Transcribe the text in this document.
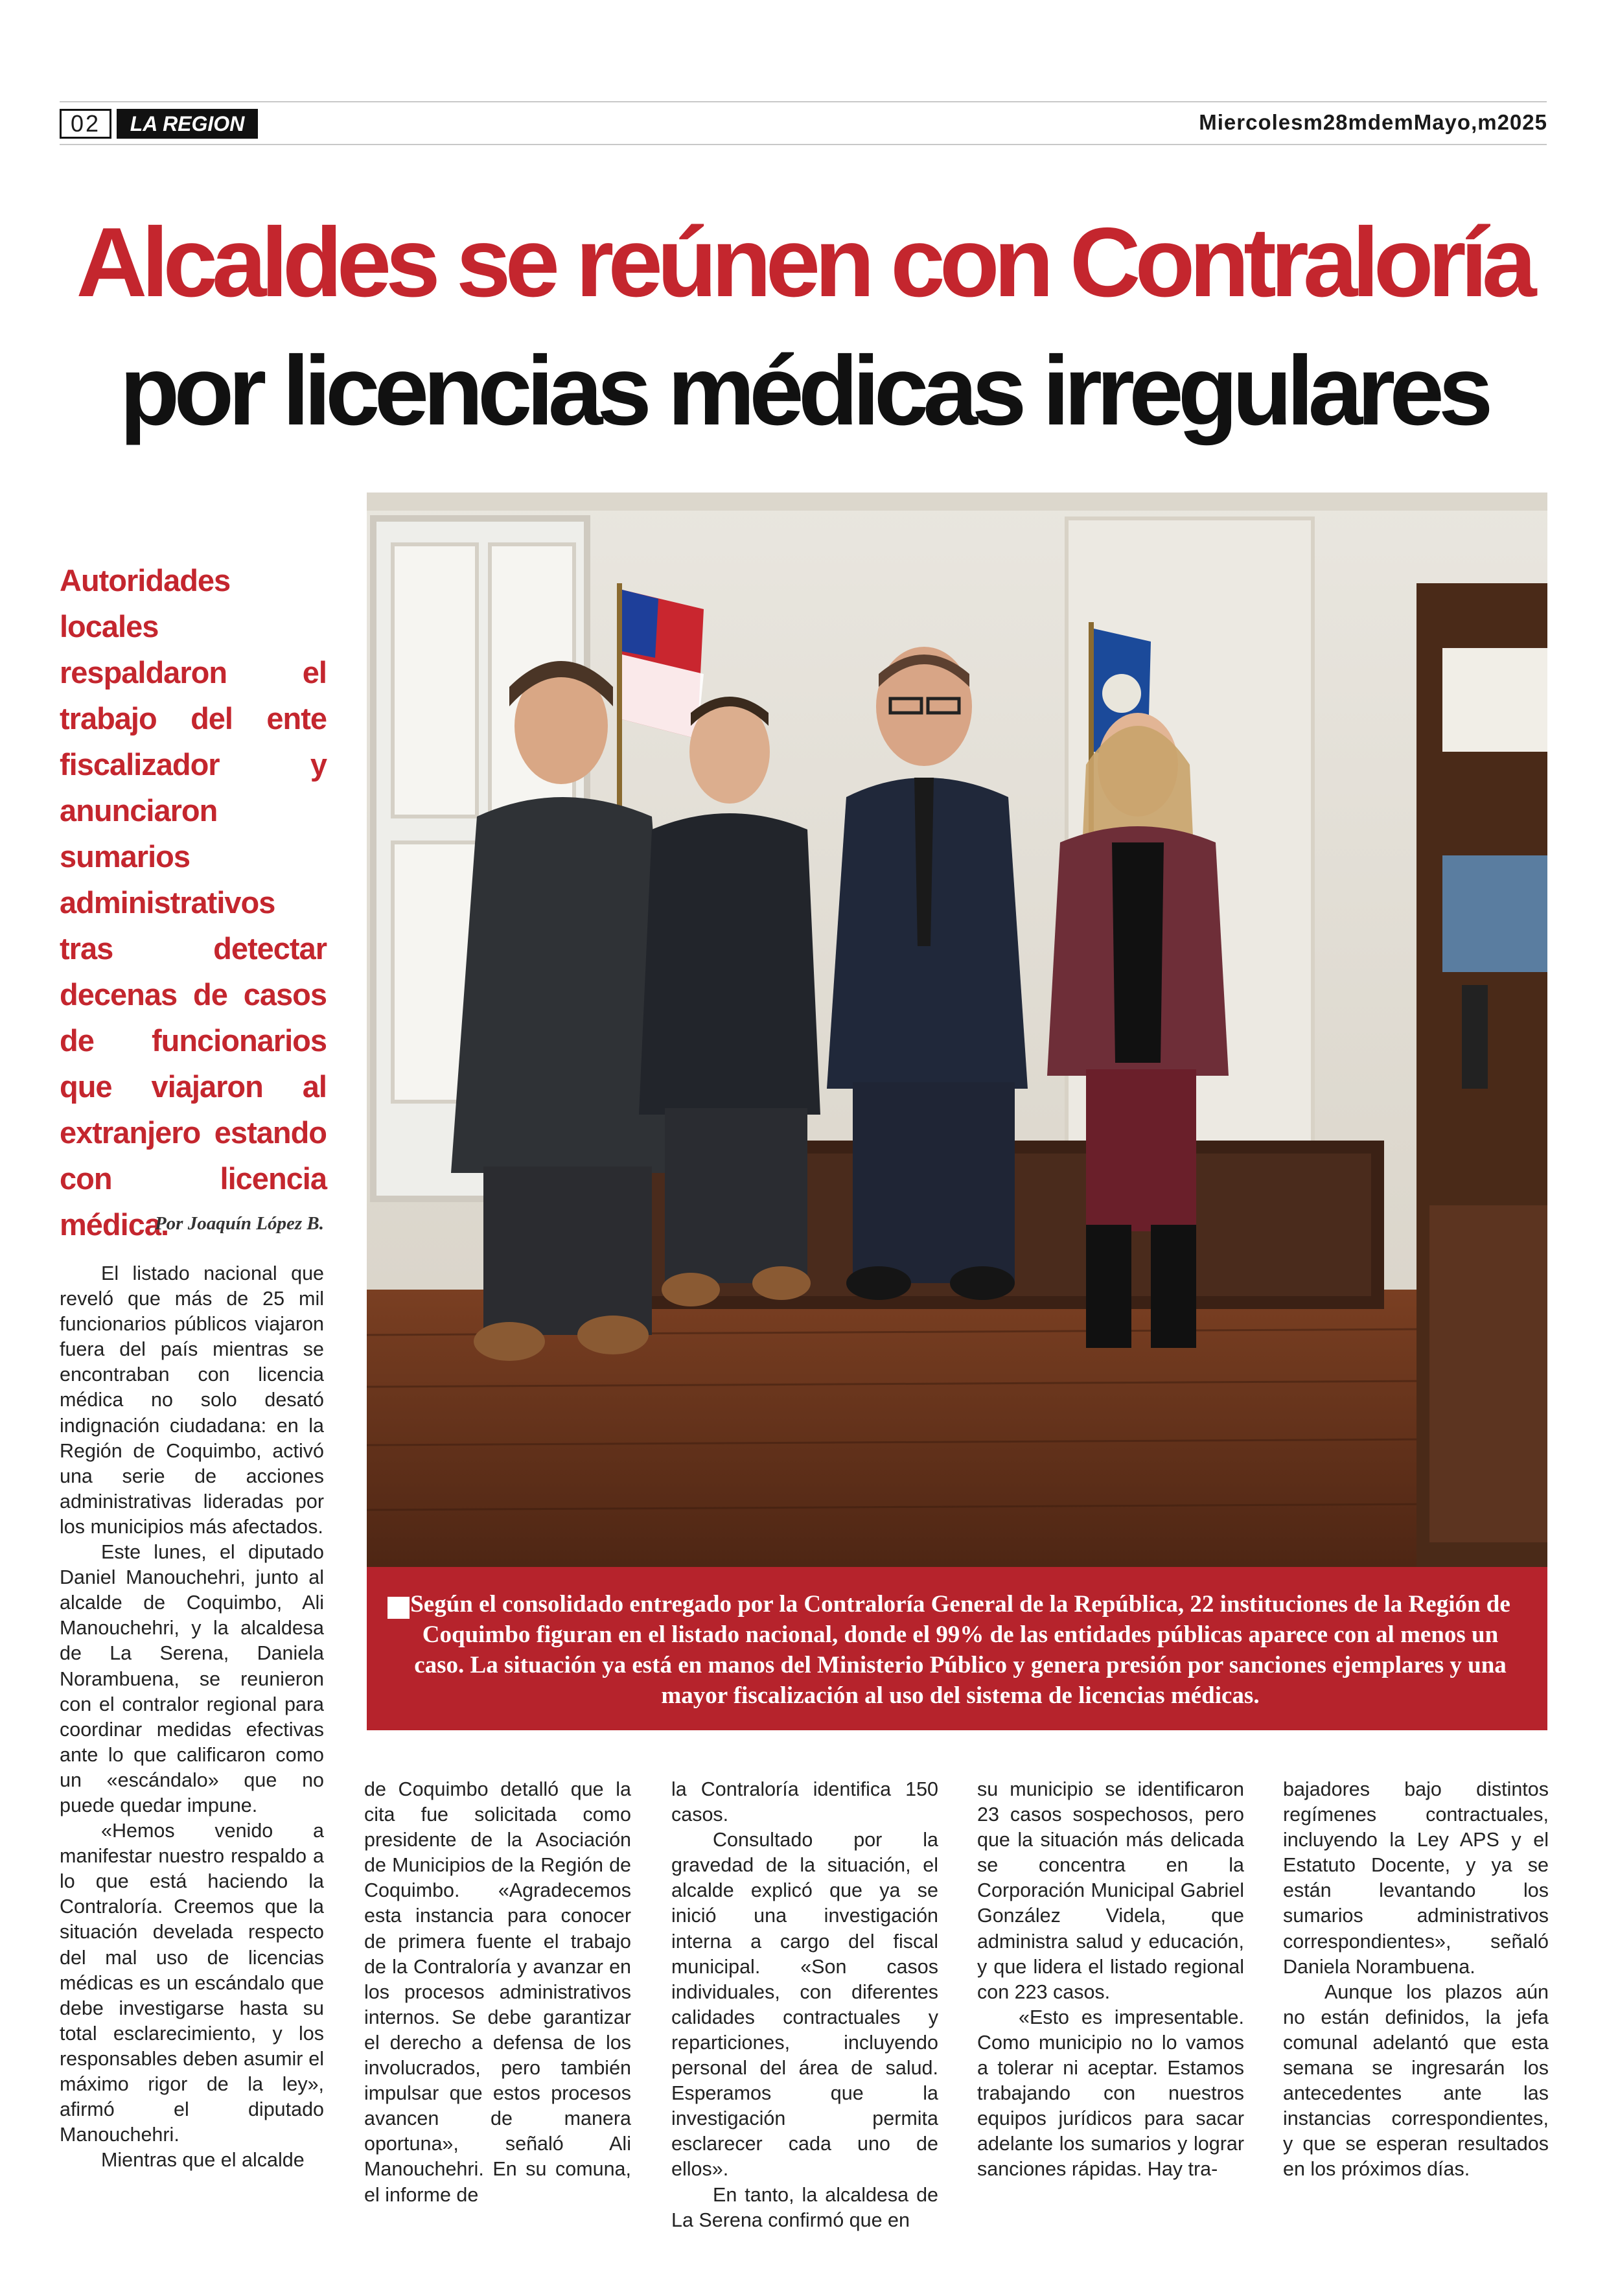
02	LA REGION	Miercolesm28mdemMayo,m2025
Alcaldes se reúnen con Contraloría
por licencias médicas irregulares
Autoridades locales respaldaron el trabajo del ente fiscalizador y anunciaron sumarios administrativos tras detectar decenas de casos de funcionarios que viajaron al extranjero estando con licencia médica.
Por Joaquín López B.
Según el consolidado entregado por la Contraloría General de la República, 22 instituciones de la Región de Coquimbo figuran en el listado nacional, donde el 99% de las entidades públicas aparece con al menos un caso. La situación ya está en manos del Ministerio Público y genera presión por sanciones ejemplares y una mayor fiscalización al uso del sistema de licencias médicas.

El listado nacional que reveló que más de 25 mil funcionarios públicos viajaron fuera del país mientras se encontraban con licencia médica no solo desató indignación ciudadana: en la Región de Coquimbo, activó una serie de acciones administrativas lideradas por los municipios más afectados.

Este lunes, el diputado Daniel Manouchehri, junto al alcalde de Coquimbo, Ali Manouchehri, y la alcaldesa de La Serena, Daniela Norambuena, se reunieron con el contralor regional para coordinar medidas efectivas ante lo que calificaron como un «escándalo» que no puede quedar impune.

«Hemos venido a manifestar nuestro respaldo a lo que está haciendo la Contraloría. Creemos que la situación develada respecto del mal uso de licencias médicas es un escándalo que debe investigarse hasta su total esclarecimiento, y los responsables deben asumir el máximo rigor de la ley», afirmó el diputado Manouchehri.

Mientras que el alcalde

de Coquimbo detalló que la cita fue solicitada como presidente de la Asociación de Municipios de la Región de Coquimbo. «Agradecemos esta instancia para conocer de primera fuente el trabajo de la Contraloría y avanzar en los procesos administrativos internos. Se debe garantizar el derecho a defensa de los involucrados, pero también impulsar que estos procesos avancen de manera oportuna», señaló Ali Manouchehri. En su comuna, el informe de

la Contraloría identifica 150 casos.

Consultado por la gravedad de la situación, el alcalde explicó que ya se inició una investigación interna a cargo del fiscal municipal. «Son casos individuales, con diferentes calidades contractuales y reparticiones, incluyendo personal del área de salud. Esperamos que la investigación permita esclarecer cada uno de ellos».

En tanto, la alcaldesa de La Serena confirmó que en

su municipio se identificaron 23 casos sospechosos, pero que la situación más delicada se concentra en la Corporación Municipal Gabriel González Videla, que administra salud y educación, y que lidera el listado regional con 223 casos.

«Esto es impresentable. Como municipio no lo vamos a tolerar ni aceptar. Estamos trabajando con nuestros equipos jurídicos para sacar adelante los sumarios y lograr sanciones rápidas. Hay tra-

bajadores bajo distintos regímenes contractuales, incluyendo la Ley APS y el Estatuto Docente, y ya se están levantando los sumarios administrativos correspondientes», señaló Daniela Norambuena.

Aunque los plazos aún no están definidos, la jefa comunal adelantó que esta semana se ingresarán los antecedentes ante las instancias correspondientes, y que se esperan resultados en los próximos días.
